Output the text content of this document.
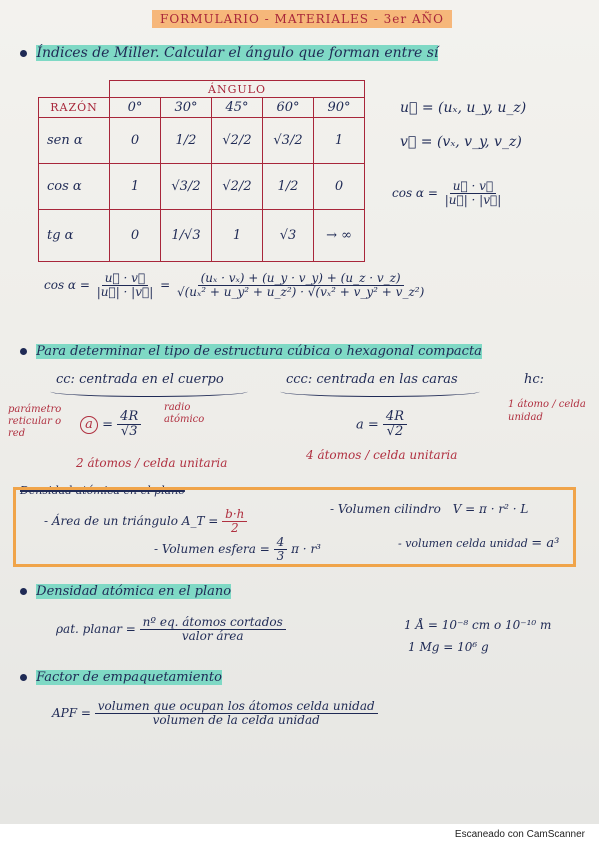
FORMULARIO - MATERIALES - 3er AÑO
Índices de Miller. Calcular el ángulo que forman entre sí
	ÁNGULO				
RAZÓN	0°	30°	45°	60°	90°
sen α	0	1/2	√2/2	√3/2	1
cos α	1	√3/2	√2/2	1/2	0
tg α	0	1/√3	1	√3	→ ∞
u⃗ = (uₓ, u_y, u_z)
v⃗ = (vₓ, v_y, v_z)
$\cos \alpha = \frac{u⃗ \cdot v⃗}{|u⃗| \cdot |v⃗|}$
$\cos \alpha = \frac{u⃗ \cdot v⃗}{|u⃗| \cdot |v⃗|} = \frac{\text{(uₓ · vₓ) + (u\_y · v\_y) + (u\_z · v\_z)}}{\text{√(uₓ² + u\_y² + u\_z²) · √(vₓ² + v\_y² + v\_z²)}}$
Para determinar el tipo de estructura cúbica o hexagonal compacta
cc: centrada en el cuerpo	ccc: centrada en las caras	hc:
parámetro reticular o red
$a = \frac{4R}{√3}$
radio atómico	$a = \frac{4R}{√2}$
1 átomo / celda unidad
2 átomos / celda unitaria
4 átomos / celda unitaria
Densidad atómica en el plano
- Área de un triángulo A_T = $\frac{b\cdot h}{2}$	- Volumen cilindro V = π · r² · L
- Volumen esfera = $\frac{4}{3}$ π · r³	- volumen celda unidad = a³
Densidad atómica en el plano
ρat. planar = $\frac{\text{nº eq. átomos cortados}}{\text{valor área}}$	1 Å = 10⁻⁸ cm o 10⁻¹⁰ m
1 Mg = 10⁶ g
Factor de empaquetamiento
APF = $\frac{\text{volumen que ocupan los átomos celda unidad}}{\text{volumen de la celda unidad}}$
Escaneado con CamScanner
